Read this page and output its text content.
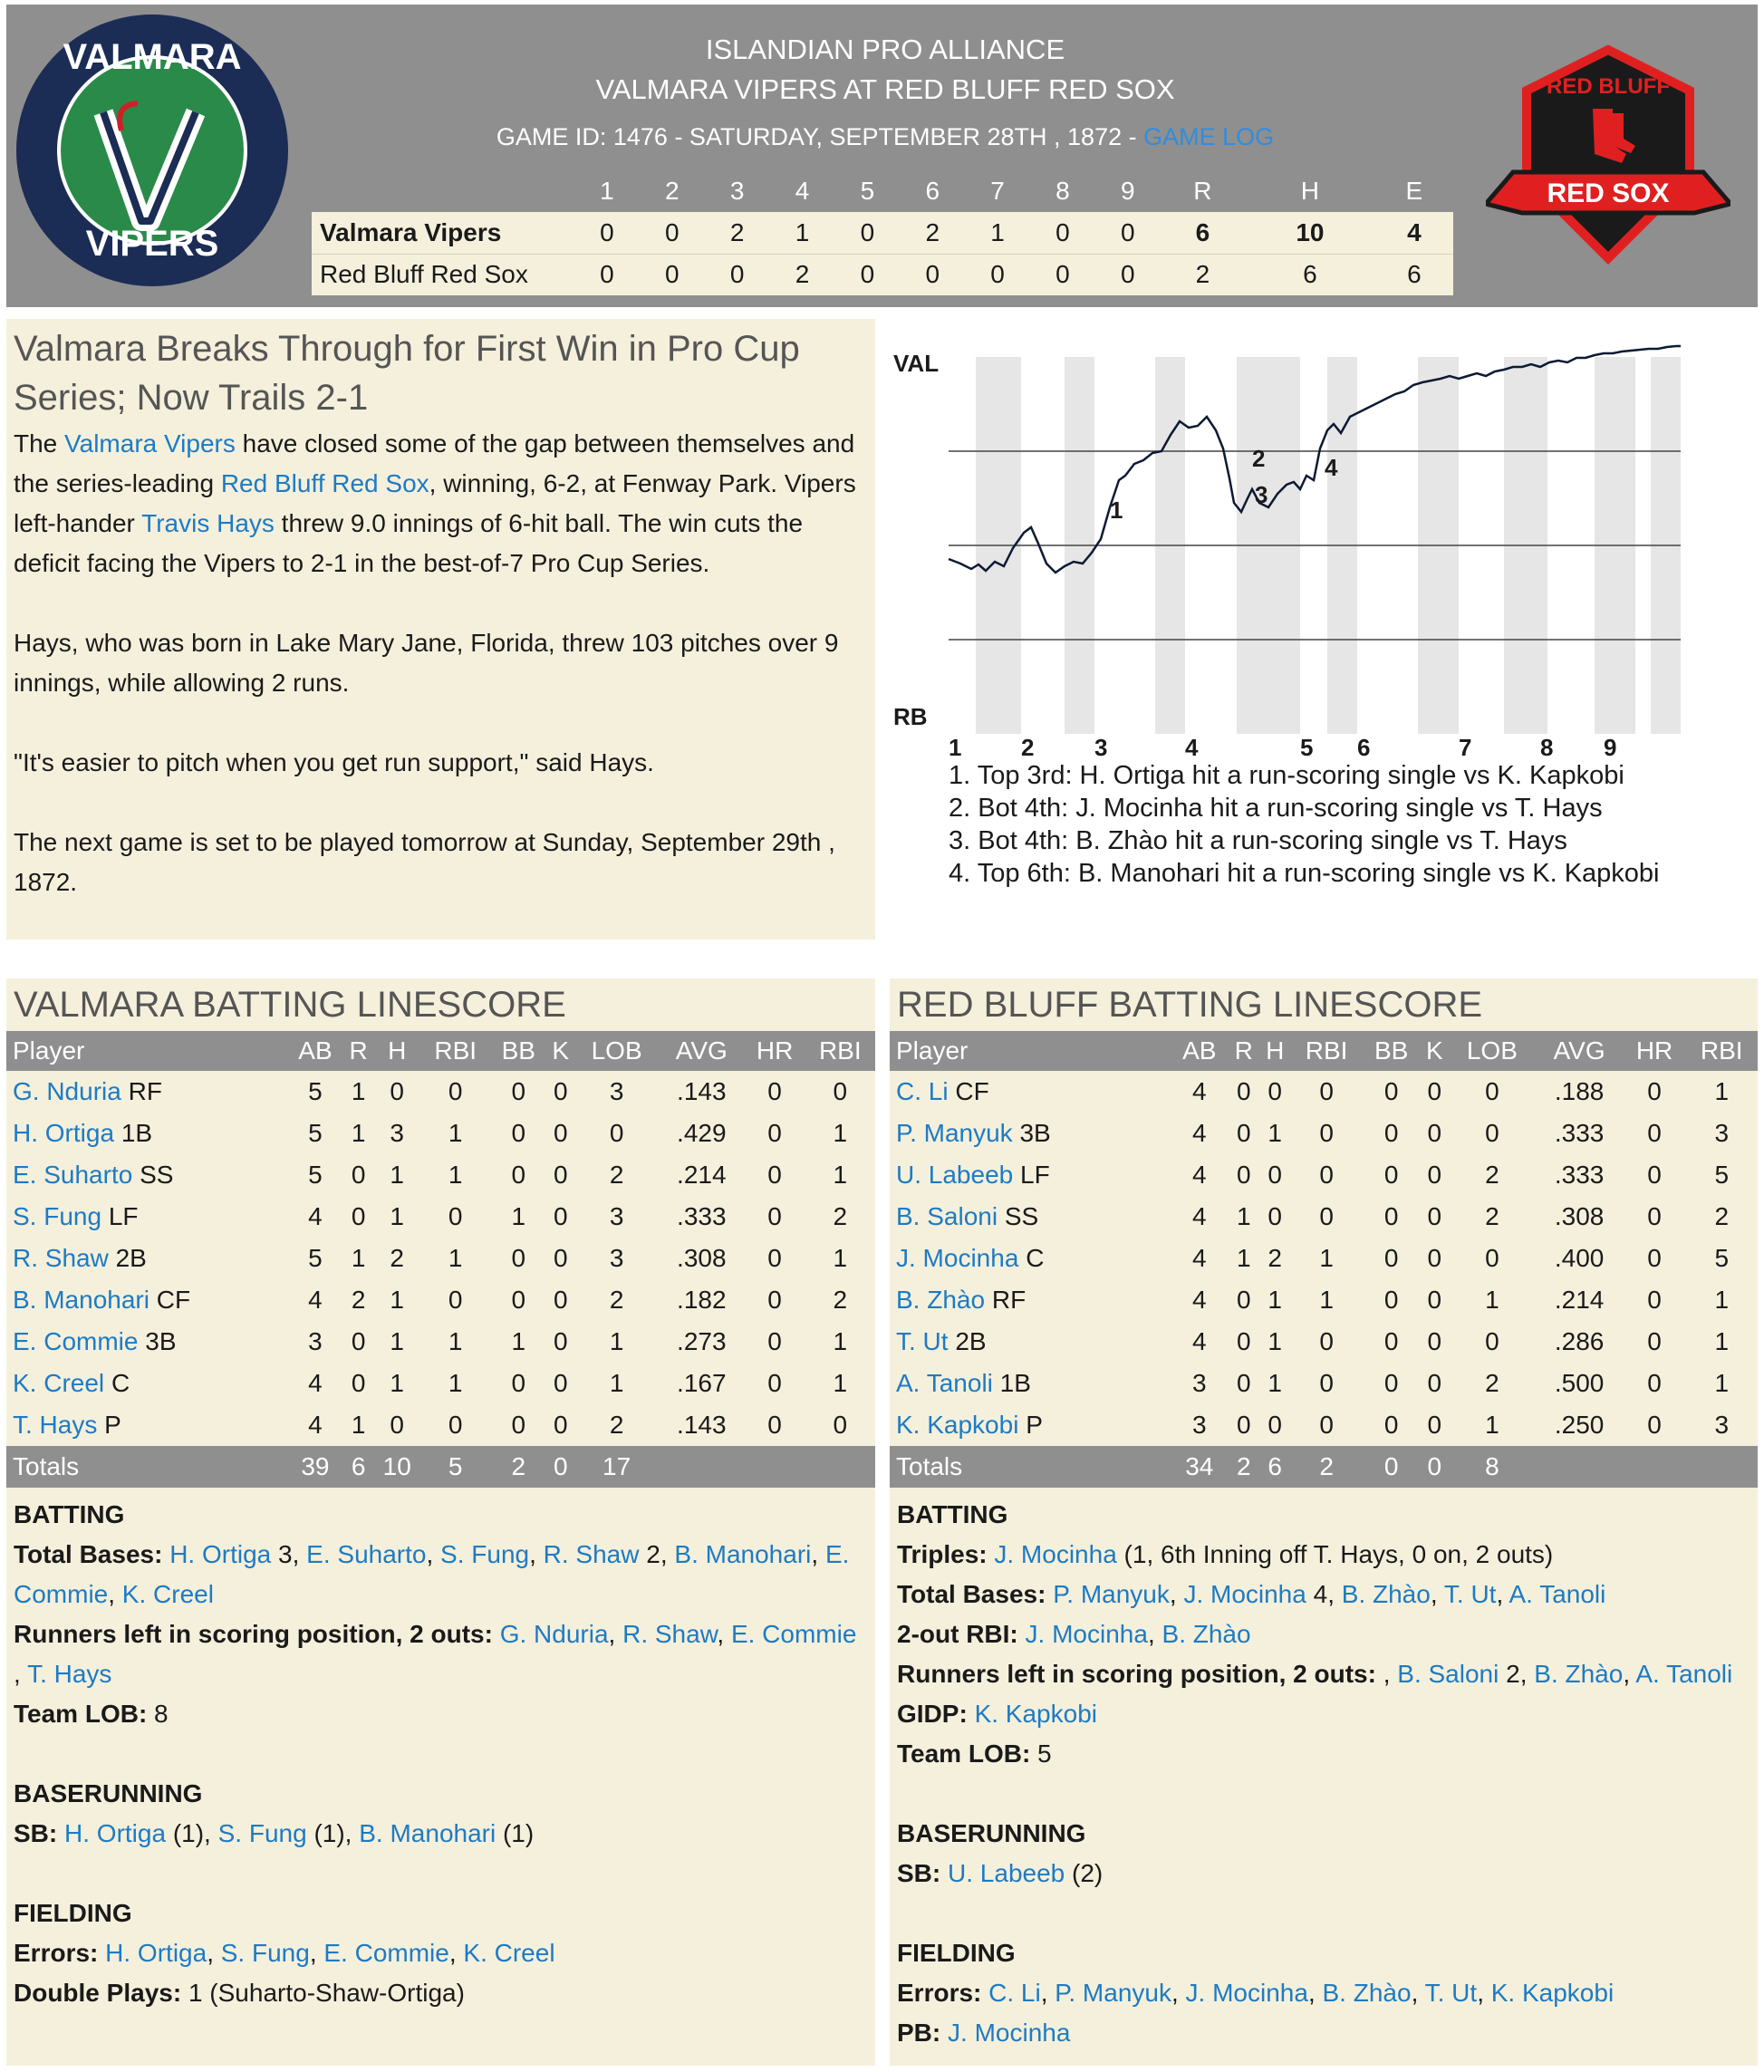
VALMARA
VIPERS
ISLANDIAN PRO ALLIANCE
VALMARA VIPERS AT RED BLUFF RED SOX
GAME ID: 1476 - SATURDAY, SEPTEMBER 28TH , 1872 - GAME LOG
RED BLUFF
RED SOX
	1	2	3	4	5	6	7	8	9	R	H	E
Valmara Vipers	0	0	2	1	0	2	1	0	0	6	10	4
Red Bluff Red Sox	0	0	0	2	0	0	0	0	0	2	6	6
Valmara Breaks Through for First Win in Pro Cup Series; Now Trails 2-1

The Valmara Vipers have closed some of the gap between themselves and the series-leading Red Bluff Red Sox, winning, 6-2, at Fenway Park. Vipers left-hander Travis Hays threw 9.0 innings of 6-hit ball. The win cuts the deficit facing the Vipers to 2-1 in the best-of-7 Pro Cup Series.

Hays, who was born in Lake Mary Jane, Florida, threw 103 pitches over 9 innings, while allowing 2 runs.

"It's easier to pitch when you get run support," said Hays.

The next game is set to be played tomorrow at Sunday, September 29th , 1872.

VAL
RB
1
2
3
4
1	2	3	4	5 6	7	8 9
1. Top 3rd: H. Ortiga hit a run-scoring single vs K. Kapkobi
2. Bot 4th: J. Mocinha hit a run-scoring single vs T. Hays
3. Bot 4th: B. Zhào hit a run-scoring single vs T. Hays
4. Top 6th: B. Manohari hit a run-scoring single vs K. Kapkobi
VALMARA BATTING LINESCORE
Player	AB	R	H	RBI	BB	K	LOB	AVG	HR	RBI
G. Nduria RF	5	1	0	0	0	0	3	.143	0	0
H. Ortiga 1B	5	1	3	1	0	0	0	.429	0	1
E. Suharto SS	5	0	1	1	0	0	2	.214	0	1
S. Fung LF	4	0	1	0	1	0	3	.333	0	2
R. Shaw 2B	5	1	2	1	0	0	3	.308	0	1
B. Manohari CF	4	2	1	0	0	0	2	.182	0	2
E. Commie 3B	3	0	1	1	1	0	1	.273	0	1
K. Creel C	4	0	1	1	0	0	1	.167	0	1
T. Hays P	4	1	0	0	0	0	2	.143	0	0
Totals	39	6	10	5	2	0	17			
BATTING
Total Bases: H. Ortiga 3, E. Suharto, S. Fung, R. Shaw 2, B. Manohari, E. Commie, K. Creel
Runners left in scoring position, 2 outs: G. Nduria, R. Shaw, E. Commie
, T. Hays
Team LOB: 8
BASERUNNING
SB: H. Ortiga (1), S. Fung (1), B. Manohari (1)
FIELDING
Errors: H. Ortiga, S. Fung, E. Commie, K. Creel
Double Plays: 1 (Suharto-Shaw-Ortiga)
RED BLUFF BATTING LINESCORE
Player	AB	R	H	RBI	BB	K	LOB	AVG	HR	RBI
C. Li CF	4	0	0	0	0	0	0	.188	0	1
P. Manyuk 3B	4	0	1	0	0	0	0	.333	0	3
U. Labeeb LF	4	0	0	0	0	0	2	.333	0	5
B. Saloni SS	4	1	0	0	0	0	2	.308	0	2
J. Mocinha C	4	1	2	1	0	0	0	.400	0	5
B. Zhào RF	4	0	1	1	0	0	1	.214	0	1
T. Ut 2B	4	0	1	0	0	0	0	.286	0	1
A. Tanoli 1B	3	0	1	0	0	0	2	.500	0	1
K. Kapkobi P	3	0	0	0	0	0	1	.250	0	3
Totals	34	2	6	2	0	0	8			
BATTING
Triples: J. Mocinha (1, 6th Inning off T. Hays, 0 on, 2 outs)
Total Bases: P. Manyuk, J. Mocinha 4, B. Zhào, T. Ut, A. Tanoli
2-out RBI: J. Mocinha, B. Zhào
Runners left in scoring position, 2 outs: , B. Saloni 2, B. Zhào, A. Tanoli
GIDP: K. Kapkobi
Team LOB: 5
BASERUNNING
SB: U. Labeeb (2)
FIELDING
Errors: C. Li, P. Manyuk, J. Mocinha, B. Zhào, T. Ut, K. Kapkobi
PB: J. Mocinha
